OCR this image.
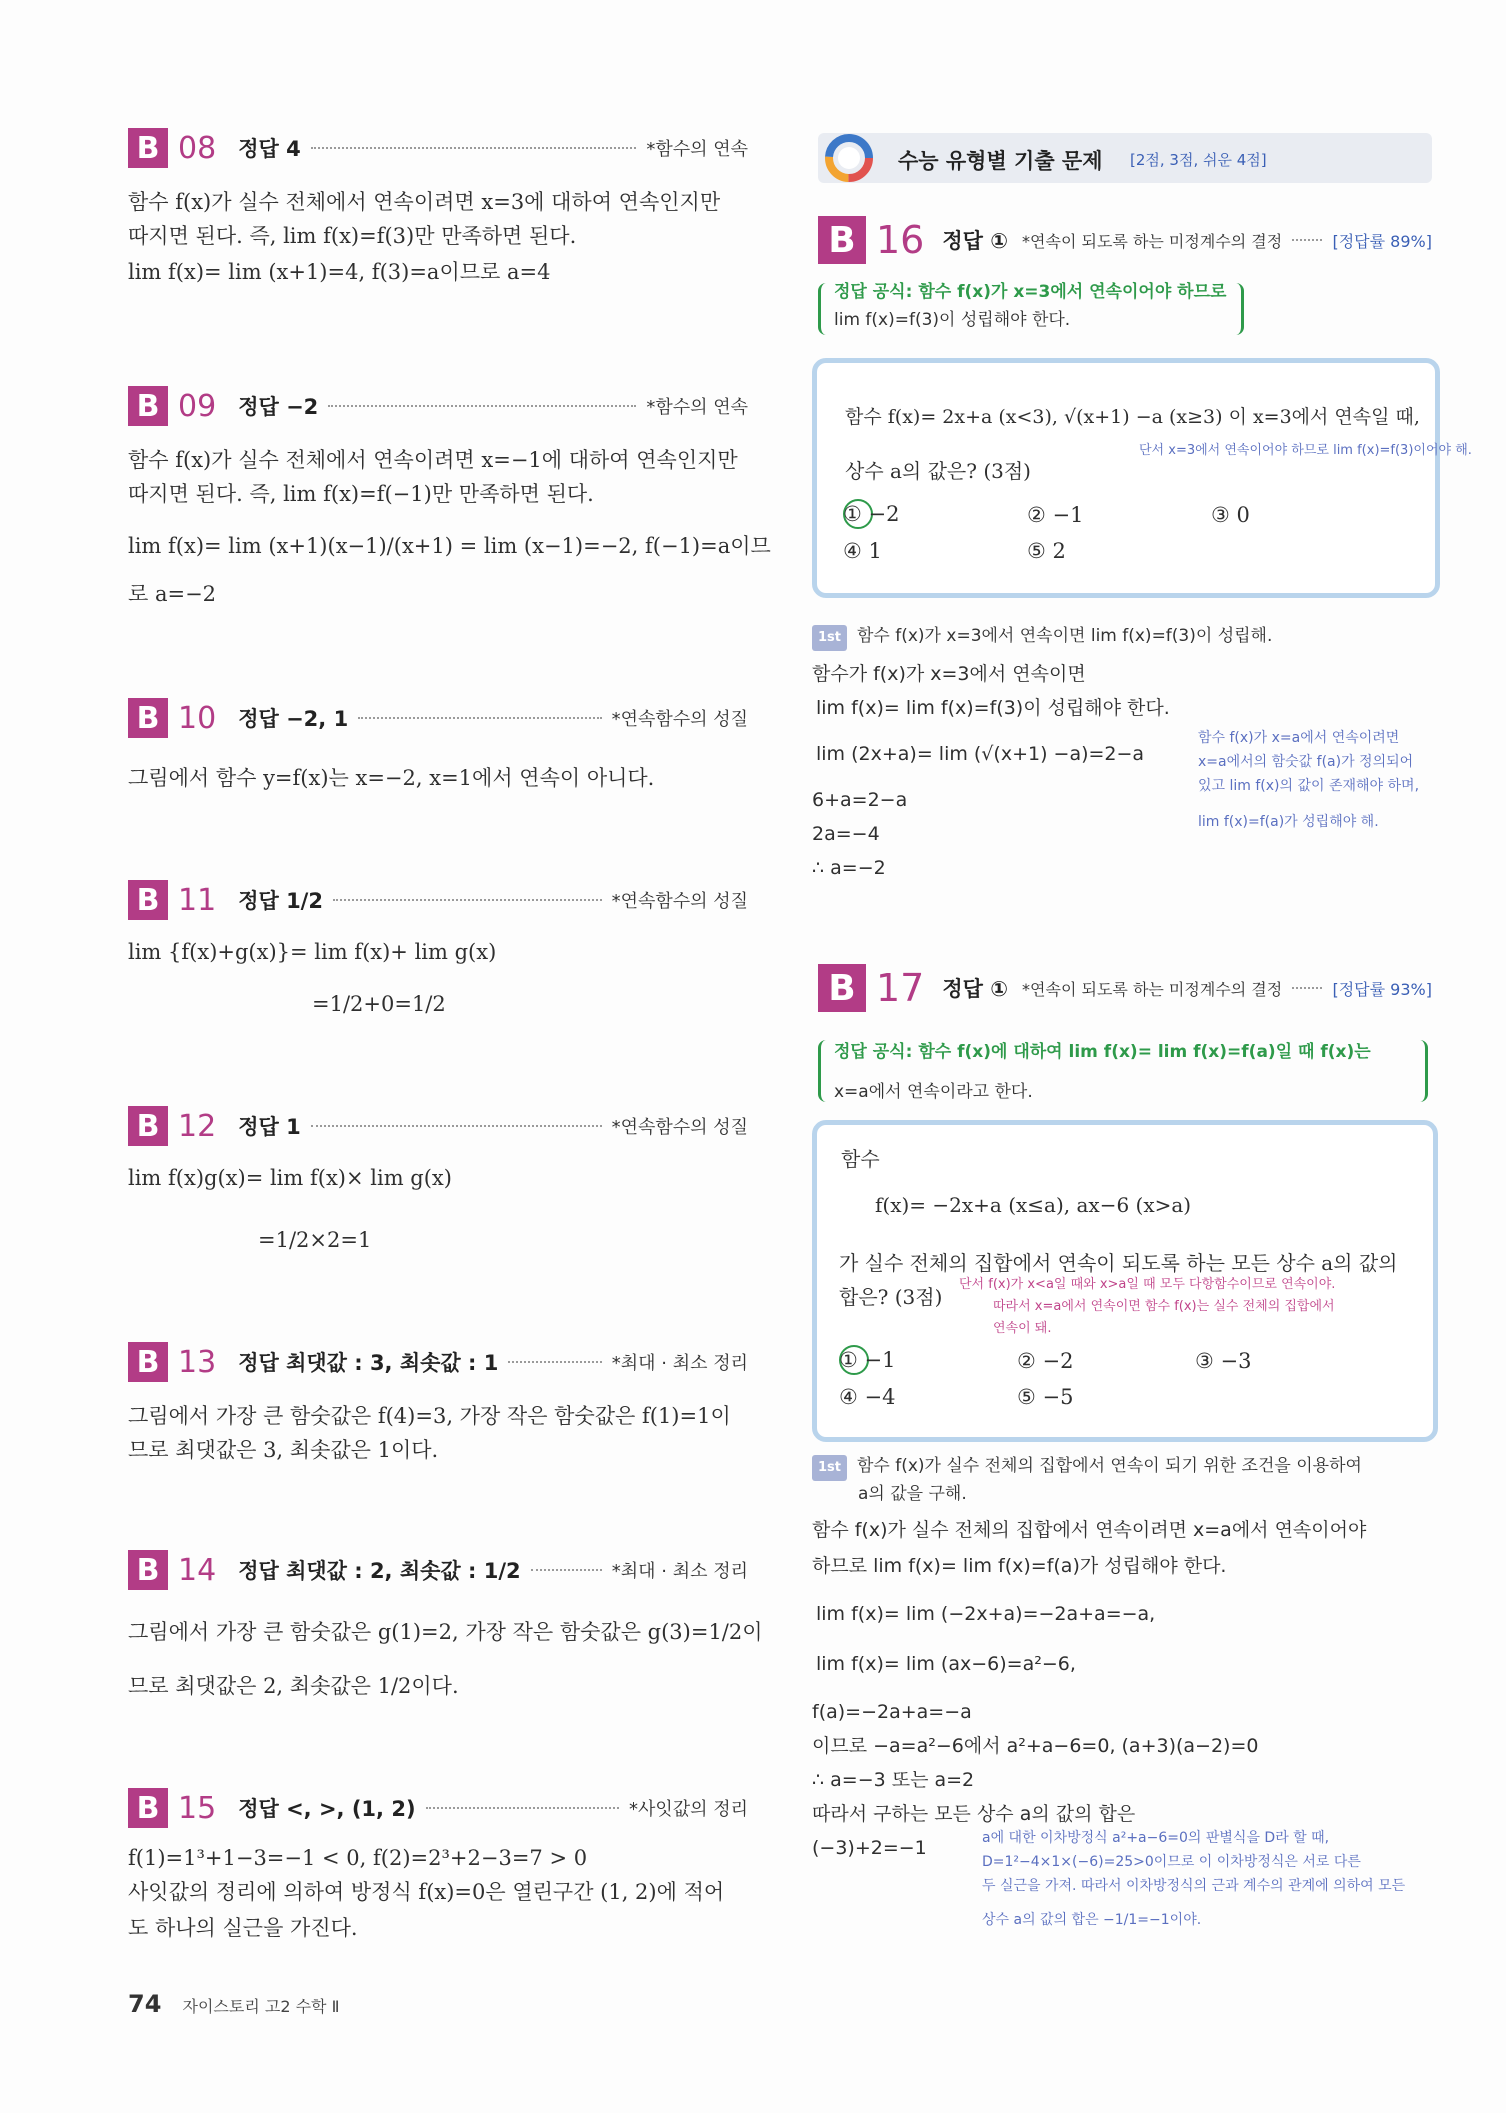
B 08 정답 4	*함수의 연속
함수 f(x)가 실수 전체에서 연속이려면 x=3에 대하여 연속인지만
따지면 된다. 즉, lim f(x)=f(3)만 만족하면 된다.
lim f(x)= lim (x+1)=4, f(3)=a이므로 a=4
B 09 정답 −2	*함수의 연속
함수 f(x)가 실수 전체에서 연속이려면 x=−1에 대하여 연속인지만
따지면 된다. 즉, lim f(x)=f(−1)만 만족하면 된다.
lim f(x)= lim (x+1)(x−1)/(x+1) = lim (x−1)=−2, f(−1)=a이므
로 a=−2
B 10 정답 −2, 1	*연속함수의 성질
그림에서 함수 y=f(x)는 x=−2, x=1에서 연속이 아니다.
B 11 정답 1/2	*연속함수의 성질
lim {f(x)+g(x)}= lim f(x)+ lim g(x)
=1/2+0=1/2
B 12 정답 1	*연속함수의 성질
lim f(x)g(x)= lim f(x)× lim g(x)
=1/2×2=1
B 13 정답 최댓값 : 3, 최솟값 : 1	*최대 · 최소 정리
그림에서 가장 큰 함숫값은 f(4)=3, 가장 작은 함숫값은 f(1)=1이
므로 최댓값은 3, 최솟값은 1이다.
B 14 정답 최댓값 : 2, 최솟값 : 1/2	*최대 · 최소 정리
그림에서 가장 큰 함숫값은 g(1)=2, 가장 작은 함숫값은 g(3)=1/2이
므로 최댓값은 2, 최솟값은 1/2이다.
B 15 정답 <, >, (1, 2)	*사잇값의 정리
f(1)=1³+1−3=−1 < 0, f(2)=2³+2−3=7 > 0
사잇값의 정리에 의하여 방정식 f(x)=0은 열린구간 (1, 2)에 적어
도 하나의 실근을 가진다.
수능 유형별 기출 문제 [2점, 3점, 쉬운 4점]
B 16 정답 ① *연속이 되도록 하는 미정계수의 결정	[정답률 89%]
정답 공식: 함수 f(x)가 x=3에서 연속이어야 하므로
lim f(x)=f(3)이 성립해야 한다.
함수 f(x)= 2x+a (x<3), √(x+1) −a (x≥3) 이 x=3에서 연속일 때,
상수 a의 값은? (3점)
단서 x=3에서 연속이어야 하므로 lim f(x)=f(3)이어야 해.
① −2	② −1	③ 0
④ 1	⑤ 2
1st 함수 f(x)가 x=3에서 연속이면 lim f(x)=f(3)이 성립해.
함수가 f(x)가 x=3에서 연속이면
lim f(x)= lim f(x)=f(3)이 성립해야 한다.
lim (2x+a)= lim (√(x+1) −a)=2−a
6+a=2−a
2a=−4
∴ a=−2
함수 f(x)가 x=a에서 연속이려면
x=a에서의 함숫값 f(a)가 정의되어
있고 lim f(x)의 값이 존재해야 하며,
lim f(x)=f(a)가 성립해야 해.
B 17 정답 ① *연속이 되도록 하는 미정계수의 결정	[정답률 93%]
정답 공식: 함수 f(x)에 대하여 lim f(x)= lim f(x)=f(a)일 때 f(x)는
x=a에서 연속이라고 한다.
함수
f(x)= −2x+a (x≤a), ax−6 (x>a)
가 실수 전체의 집합에서 연속이 되도록 하는 모든 상수 a의 값의
합은? (3점)
단서 f(x)가 x<a일 때와 x>a일 때 모두 다항함수이므로 연속이야.
따라서 x=a에서 연속이면 함수 f(x)는 실수 전체의 집합에서
연속이 돼.
① −1	② −2	③ −3
④ −4	⑤ −5
1st 함수 f(x)가 실수 전체의 집합에서 연속이 되기 위한 조건을 이용하여
a의 값을 구해.
함수 f(x)가 실수 전체의 집합에서 연속이려면 x=a에서 연속이어야
하므로 lim f(x)= lim f(x)=f(a)가 성립해야 한다.
lim f(x)= lim (−2x+a)=−2a+a=−a,
lim f(x)= lim (ax−6)=a²−6,
f(a)=−2a+a=−a
이므로 −a=a²−6에서 a²+a−6=0, (a+3)(a−2)=0
∴ a=−3 또는 a=2
따라서 구하는 모든 상수 a의 값의 합은
(−3)+2=−1	a에 대한 이차방정식 a²+a−6=0의 판별식을 D라 할 때,
D=1²−4×1×(−6)=25>0이므로 이 이차방정식은 서로 다른
두 실근을 가져. 따라서 이차방정식의 근과 계수의 관계에 의하여 모든
상수 a의 값의 합은 −1/1=−1이야.
74 자이스토리 고2 수학 Ⅱ
